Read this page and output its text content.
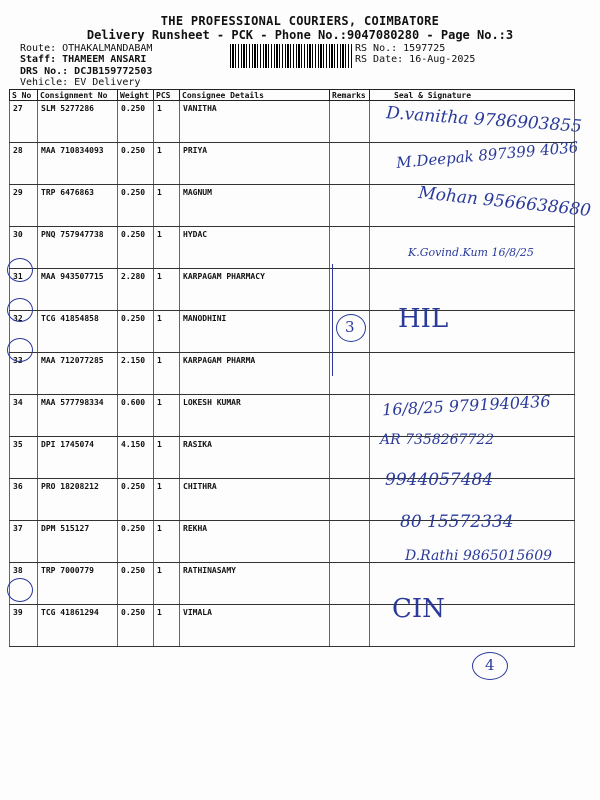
THE PROFESSIONAL COURIERS, COIMBATORE
Delivery Runsheet - PCK - Phone No.:9047080280 - Page No.:3
Route: OTHAKALMANDABAM
Staff: THAMEEM ANSARI
DRS No.: DCJB159772503
Vehicle: EV Delivery
RS No.: 1597725
RS Date: 16-Aug-2025
S No	Consignment No	Weight	PCS	Consignee Details	Remarks	Seal & Signature
27	SLM 5277286	0.250	1	VANITHA		
28	MAA 710834093	0.250	1	PRIYA		
29	TRP 6476863	0.250	1	MAGNUM		
30	PNQ 757947738	0.250	1	HYDAC		
31	MAA 943507715	2.280	1	KARPAGAM PHARMACY		
32	TCG 41854858	0.250	1	MANODHINI		
33	MAA 712077285	2.150	1	KARPAGAM PHARMA		
34	MAA 577798334	0.600	1	LOKESH KUMAR		
35	DPI 1745074	4.150	1	RASIKA		
36	PRO 18208212	0.250	1	CHITHRA		
37	DPM 515127	0.250	1	REKHA		
38	TRP 7000779	0.250	1	RATHINASAMY		
39	TCG 41861294	0.250	1	VIMALA		
D.vanitha 9786903855
M.Deepak 897399 4036
Mohan 9566638680
K.Govind.Kum 16/8/25
HIL
16/8/25 9791940436
AR 7358267722
9944057484
80 15572334
D.Rathi 9865015609
CIN
3
4
